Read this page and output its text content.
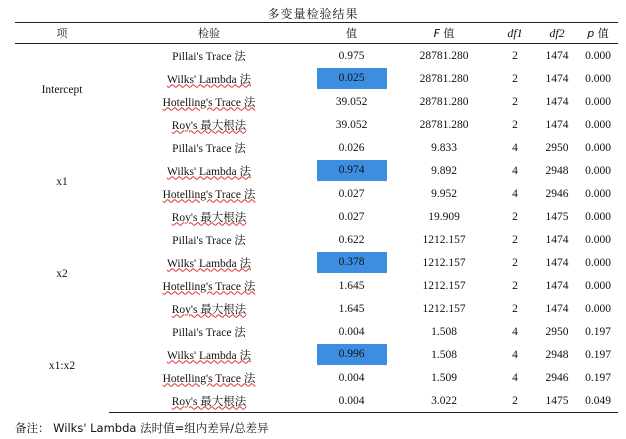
多变量检验结果
项	检验	值	F 值	df1	df2	p 值
Intercept	Pillai's Trace 法	0.975	28781.280	2	1474	0.000
	Wilks' Lambda 法	0.025	28781.280	2	1474	0.000
	Hotelling's Trace 法	39.052	28781.280	2	1474	0.000
	Roy's 最大根法	39.052	28781.280	2	1474	0.000
x1	Pillai's Trace 法	0.026	9.833	4	2950	0.000
	Wilks' Lambda 法	0.974	9.892	4	2948	0.000
	Hotelling's Trace 法	0.027	9.952	4	2946	0.000
	Roy's 最大根法	0.027	19.909	2	1475	0.000
x2	Pillai's Trace 法	0.622	1212.157	2	1474	0.000
	Wilks' Lambda 法	0.378	1212.157	2	1474	0.000
	Hotelling's Trace 法	1.645	1212.157	2	1474	0.000
	Roy's 最大根法	1.645	1212.157	2	1474	0.000
x1:x2	Pillai's Trace 法	0.004	1.508	4	2950	0.197
	Wilks' Lambda 法	0.996	1.508	4	2948	0.197
	Hotelling's Trace 法	0.004	1.509	4	2946	0.197
	Roy's 最大根法	0.004	3.022	2	1475	0.049
备注： Wilks' Lambda 法时值=组内差异/总差异
